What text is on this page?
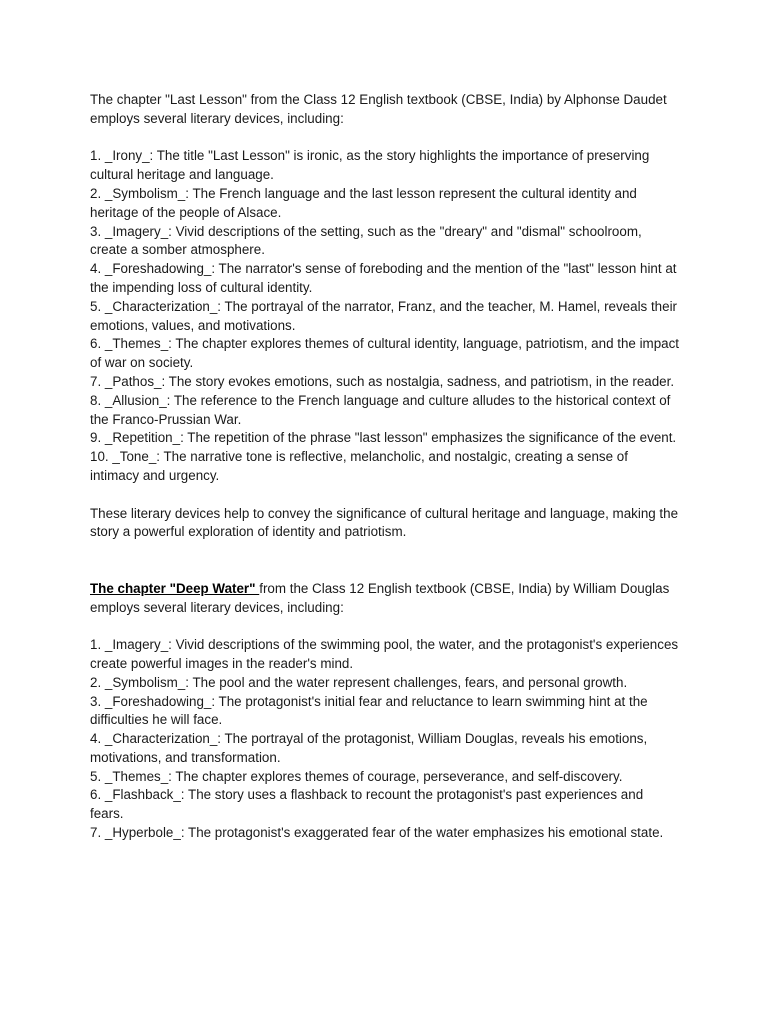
The chapter "Last Lesson" from the Class 12 English textbook (CBSE, India) by Alphonse Daudet employs several literary devices, including:

1. _Irony_: The title "Last Lesson" is ironic, as the story highlights the importance of preserving cultural heritage and language.

2. _Symbolism_: The French language and the last lesson represent the cultural identity and heritage of the people of Alsace.

3. _Imagery_: Vivid descriptions of the setting, such as the "dreary" and "dismal" schoolroom, create a somber atmosphere.

4. _Foreshadowing_: The narrator's sense of foreboding and the mention of the "last" lesson hint at the impending loss of cultural identity.

5. _Characterization_: The portrayal of the narrator, Franz, and the teacher, M. Hamel, reveals their emotions, values, and motivations.

6. _Themes_: The chapter explores themes of cultural identity, language, patriotism, and the impact of war on society.

7. _Pathos_: The story evokes emotions, such as nostalgia, sadness, and patriotism, in the reader.

8. _Allusion_: The reference to the French language and culture alludes to the historical context of the Franco-Prussian War.

9. _Repetition_: The repetition of the phrase "last lesson" emphasizes the significance of the event.

10. _Tone_: The narrative tone is reflective, melancholic, and nostalgic, creating a sense of intimacy and urgency.

These literary devices help to convey the significance of cultural heritage and language, making the story a powerful exploration of identity and patriotism.

The chapter "Deep Water" from the Class 12 English textbook (CBSE, India) by William Douglas employs several literary devices, including:

1. _Imagery_: Vivid descriptions of the swimming pool, the water, and the protagonist's experiences create powerful images in the reader's mind.

2. _Symbolism_: The pool and the water represent challenges, fears, and personal growth.

3. _Foreshadowing_: The protagonist's initial fear and reluctance to learn swimming hint at the difficulties he will face.

4. _Characterization_: The portrayal of the protagonist, William Douglas, reveals his emotions, motivations, and transformation.

5. _Themes_: The chapter explores themes of courage, perseverance, and self-discovery.

6. _Flashback_: The story uses a flashback to recount the protagonist's past experiences and fears.

7. _Hyperbole_: The protagonist's exaggerated fear of the water emphasizes his emotional state.
